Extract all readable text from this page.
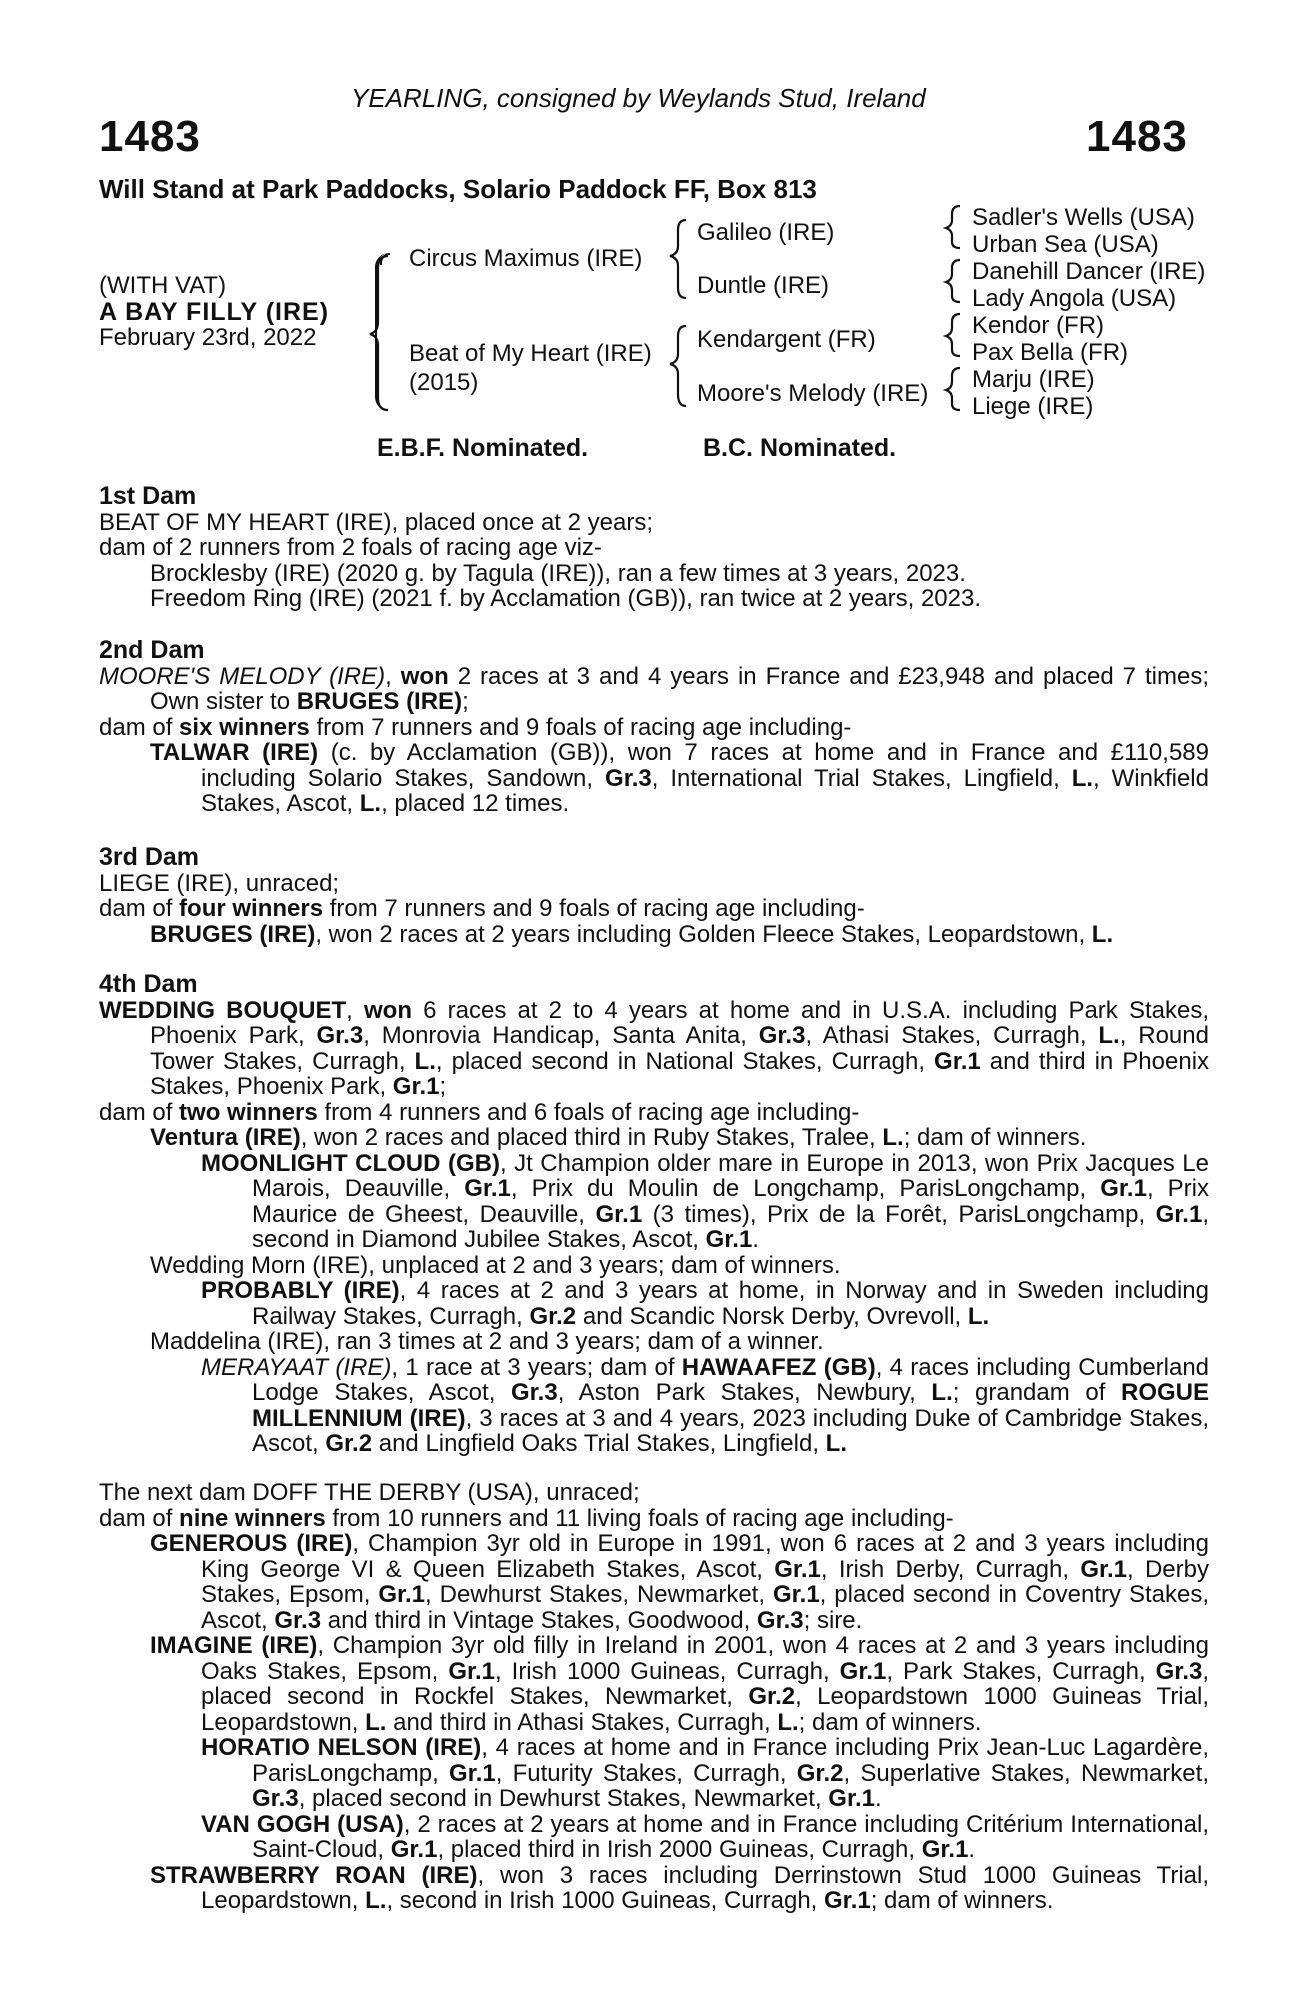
YEARLING, consigned by Weylands Stud, Ireland
1483	1483
Will Stand at Park Paddocks, Solario Paddock FF, Box 813
(WITH VAT)
A BAY FILLY (IRE)
February 23rd, 2022
Circus Maximus (IRE)
Beat of My Heart (IRE)
(2015)
Galileo (IRE)
Duntle (IRE)
Kendargent (FR)
Moore's Melody (IRE)
Sadler's Wells (USA)
Urban Sea (USA)
Danehill Dancer (IRE)
Lady Angola (USA)
Kendor (FR)
Pax Bella (FR)
Marju (IRE)
Liege (IRE)
E.B.F. Nominated.	B.C. Nominated.
1st Dam
BEAT OF MY HEART (IRE), placed once at 2 years;
dam of 2 runners from 2 foals of racing age viz-
Brocklesby (IRE) (2020 g. by Tagula (IRE)), ran a few times at 3 years, 2023.
Freedom Ring (IRE) (2021 f. by Acclamation (GB)), ran twice at 2 years, 2023.
2nd Dam
MOORE'S MELODY (IRE), won 2 races at 3 and 4 years in France and £23,948 and placed 7 times; Own sister to BRUGES (IRE);
dam of six winners from 7 runners and 9 foals of racing age including-
TALWAR (IRE) (c. by Acclamation (GB)), won 7 races at home and in France and £110,589 including Solario Stakes, Sandown, Gr.3, International Trial Stakes, Lingfield, L., Winkfield Stakes, Ascot, L., placed 12 times.
3rd Dam
LIEGE (IRE), unraced;
dam of four winners from 7 runners and 9 foals of racing age including-
BRUGES (IRE), won 2 races at 2 years including Golden Fleece Stakes, Leopardstown, L.
4th Dam
WEDDING BOUQUET, won 6 races at 2 to 4 years at home and in U.S.A. including Park Stakes, Phoenix Park, Gr.3, Monrovia Handicap, Santa Anita, Gr.3, Athasi Stakes, Curragh, L., Round Tower Stakes, Curragh, L., placed second in National Stakes, Curragh, Gr.1 and third in Phoenix Stakes, Phoenix Park, Gr.1;
dam of two winners from 4 runners and 6 foals of racing age including-
Ventura (IRE), won 2 races and placed third in Ruby Stakes, Tralee, L.; dam of winners.
MOONLIGHT CLOUD (GB), Jt Champion older mare in Europe in 2013, won Prix Jacques Le Marois, Deauville, Gr.1, Prix du Moulin de Longchamp, ParisLongchamp, Gr.1, Prix Maurice de Gheest, Deauville, Gr.1 (3 times), Prix de la Forêt, ParisLongchamp, Gr.1, second in Diamond Jubilee Stakes, Ascot, Gr.1.
Wedding Morn (IRE), unplaced at 2 and 3 years; dam of winners.
PROBABLY (IRE), 4 races at 2 and 3 years at home, in Norway and in Sweden including Railway Stakes, Curragh, Gr.2 and Scandic Norsk Derby, Ovrevoll, L.
Maddelina (IRE), ran 3 times at 2 and 3 years; dam of a winner.
MERAYAAT (IRE), 1 race at 3 years; dam of HAWAAFEZ (GB), 4 races including Cumberland Lodge Stakes, Ascot, Gr.3, Aston Park Stakes, Newbury, L.; grandam of ROGUE MILLENNIUM (IRE), 3 races at 3 and 4 years, 2023 including Duke of Cambridge Stakes, Ascot, Gr.2 and Lingfield Oaks Trial Stakes, Lingfield, L.
The next dam DOFF THE DERBY (USA), unraced;
dam of nine winners from 10 runners and 11 living foals of racing age including-
GENEROUS (IRE), Champion 3yr old in Europe in 1991, won 6 races at 2 and 3 years including King George VI & Queen Elizabeth Stakes, Ascot, Gr.1, Irish Derby, Curragh, Gr.1, Derby Stakes, Epsom, Gr.1, Dewhurst Stakes, Newmarket, Gr.1, placed second in Coventry Stakes, Ascot, Gr.3 and third in Vintage Stakes, Goodwood, Gr.3; sire.
IMAGINE (IRE), Champion 3yr old filly in Ireland in 2001, won 4 races at 2 and 3 years including Oaks Stakes, Epsom, Gr.1, Irish 1000 Guineas, Curragh, Gr.1, Park Stakes, Curragh, Gr.3, placed second in Rockfel Stakes, Newmarket, Gr.2, Leopardstown 1000 Guineas Trial, Leopardstown, L. and third in Athasi Stakes, Curragh, L.; dam of winners.
HORATIO NELSON (IRE), 4 races at home and in France including Prix Jean-Luc Lagardère, ParisLongchamp, Gr.1, Futurity Stakes, Curragh, Gr.2, Superlative Stakes, Newmarket, Gr.3, placed second in Dewhurst Stakes, Newmarket, Gr.1.
VAN GOGH (USA), 2 races at 2 years at home and in France including Critérium International, Saint-Cloud, Gr.1, placed third in Irish 2000 Guineas, Curragh, Gr.1.
STRAWBERRY ROAN (IRE), won 3 races including Derrinstown Stud 1000 Guineas Trial, Leopardstown, L., second in Irish 1000 Guineas, Curragh, Gr.1; dam of winners.
